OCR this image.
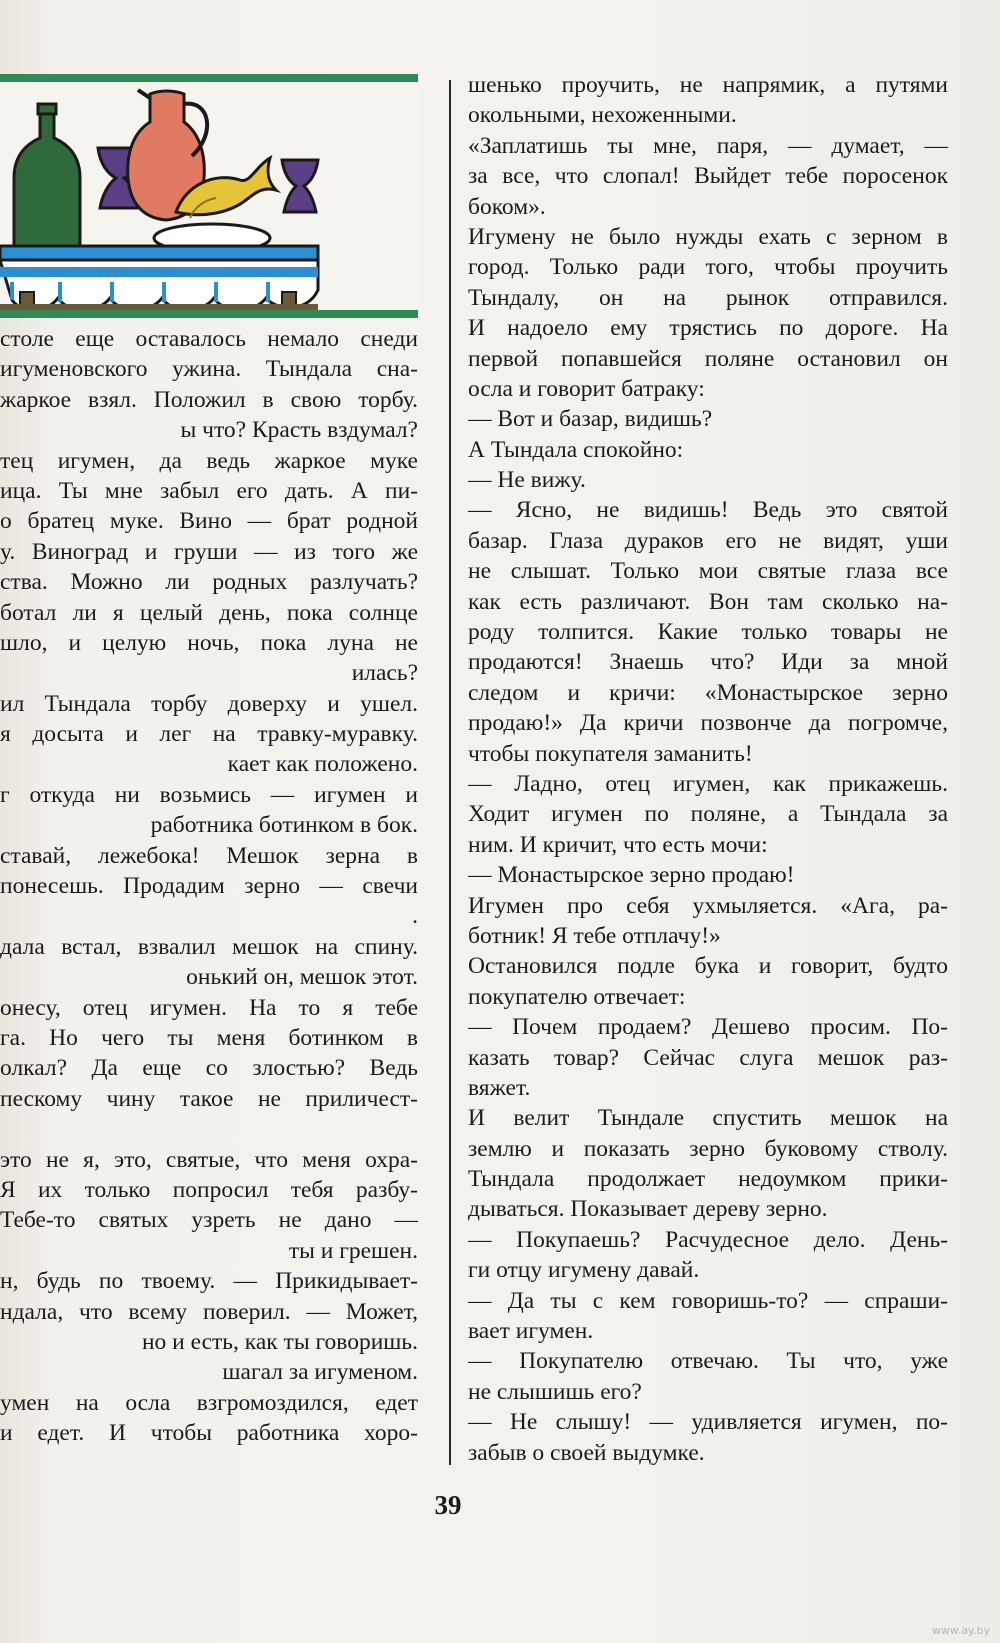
столе еще оставалось немало снеди
игуменовского ужина. Тындала сна-
жаркое взял. Положил в свою торбу.
ы что? Красть вздумал?
тец игумен, да ведь жаркое муке
ица. Ты мне забыл его дать. А пи-
о братец муке. Вино — брат родной
у. Виноград и груши — из того же
ства. Можно ли родных разлучать?
ботал ли я целый день, пока солнце
шло, и целую ночь, пока луна не
илась?
ил Тындала торбу доверху и ушел.
я досыта и лег на травку-муравку.
кает как положено.
г откуда ни возьмись — игумен и
работника ботинком в бок.
ставай, лежебока! Мешок зерна в
понесешь. Продадим зерно — свечи
.
дала встал, взвалил мешок на спину.
онький он, мешок этот.
онесу, отец игумен. На то я тебе
га. Но чего ты меня ботинком в
олкал? Да еще со злостью? Ведь
пескому чину такое не приличест-
это не я, это, святые, что меня охра-
Я их только попросил тебя разбу-
Тебе-то святых узреть не дано —
ты и грешен.
н, будь по твоему. — Прикидывает-
ндала, что всему поверил. — Может,
но и есть, как ты говоришь.
шагал за игуменом.
умен на осла взгромоздился, едет
и едет. И чтобы работника хоро-
шенько проучить, не напрямик, а путями
окольными, нехоженными.
«Заплатишь ты мне, паря, — думает, —
за все, что слопал! Выйдет тебе поросенок
боком».
Игумену не было нужды ехать с зерном в
город. Только ради того, чтобы проучить
Тындалу, он на рынок отправился.
И надоело ему трястись по дороге. На
первой попавшейся поляне остановил он
осла и говорит батраку:
— Вот и базар, видишь?
А Тындала спокойно:
— Не вижу.
— Ясно, не видишь! Ведь это святой
базар. Глаза дураков его не видят, уши
не слышат. Только мои святые глаза все
как есть различают. Вон там сколько на-
роду толпится. Какие только товары не
продаются! Знаешь что? Иди за мной
следом и кричи: «Монастырское зерно
продаю!» Да кричи позвонче да погромче,
чтобы покупателя заманить!
— Ладно, отец игумен, как прикажешь.
Ходит игумен по поляне, а Тындала за
ним. И кричит, что есть мочи:
— Монастырское зерно продаю!
Игумен про себя ухмыляется. «Ага, ра-
ботник! Я тебе отплачу!»
Остановился подле бука и говорит, будто
покупателю отвечает:
— Почем продаем? Дешево просим. По-
казать товар? Сейчас слуга мешок раз-
вяжет.
И велит Тындале спустить мешок на
землю и показать зерно буковому стволу.
Тындала продолжает недоумком прики-
дываться. Показывает дереву зерно.
— Покупаешь? Расчудесное дело. День-
ги отцу игумену давай.
— Да ты с кем говоришь-то? — спраши-
вает игумен.
— Покупателю отвечаю. Ты что, уже
не слышишь его?
— Не слышу! — удивляется игумен, по-
забыв о своей выдумке.
39
www.ay.by
